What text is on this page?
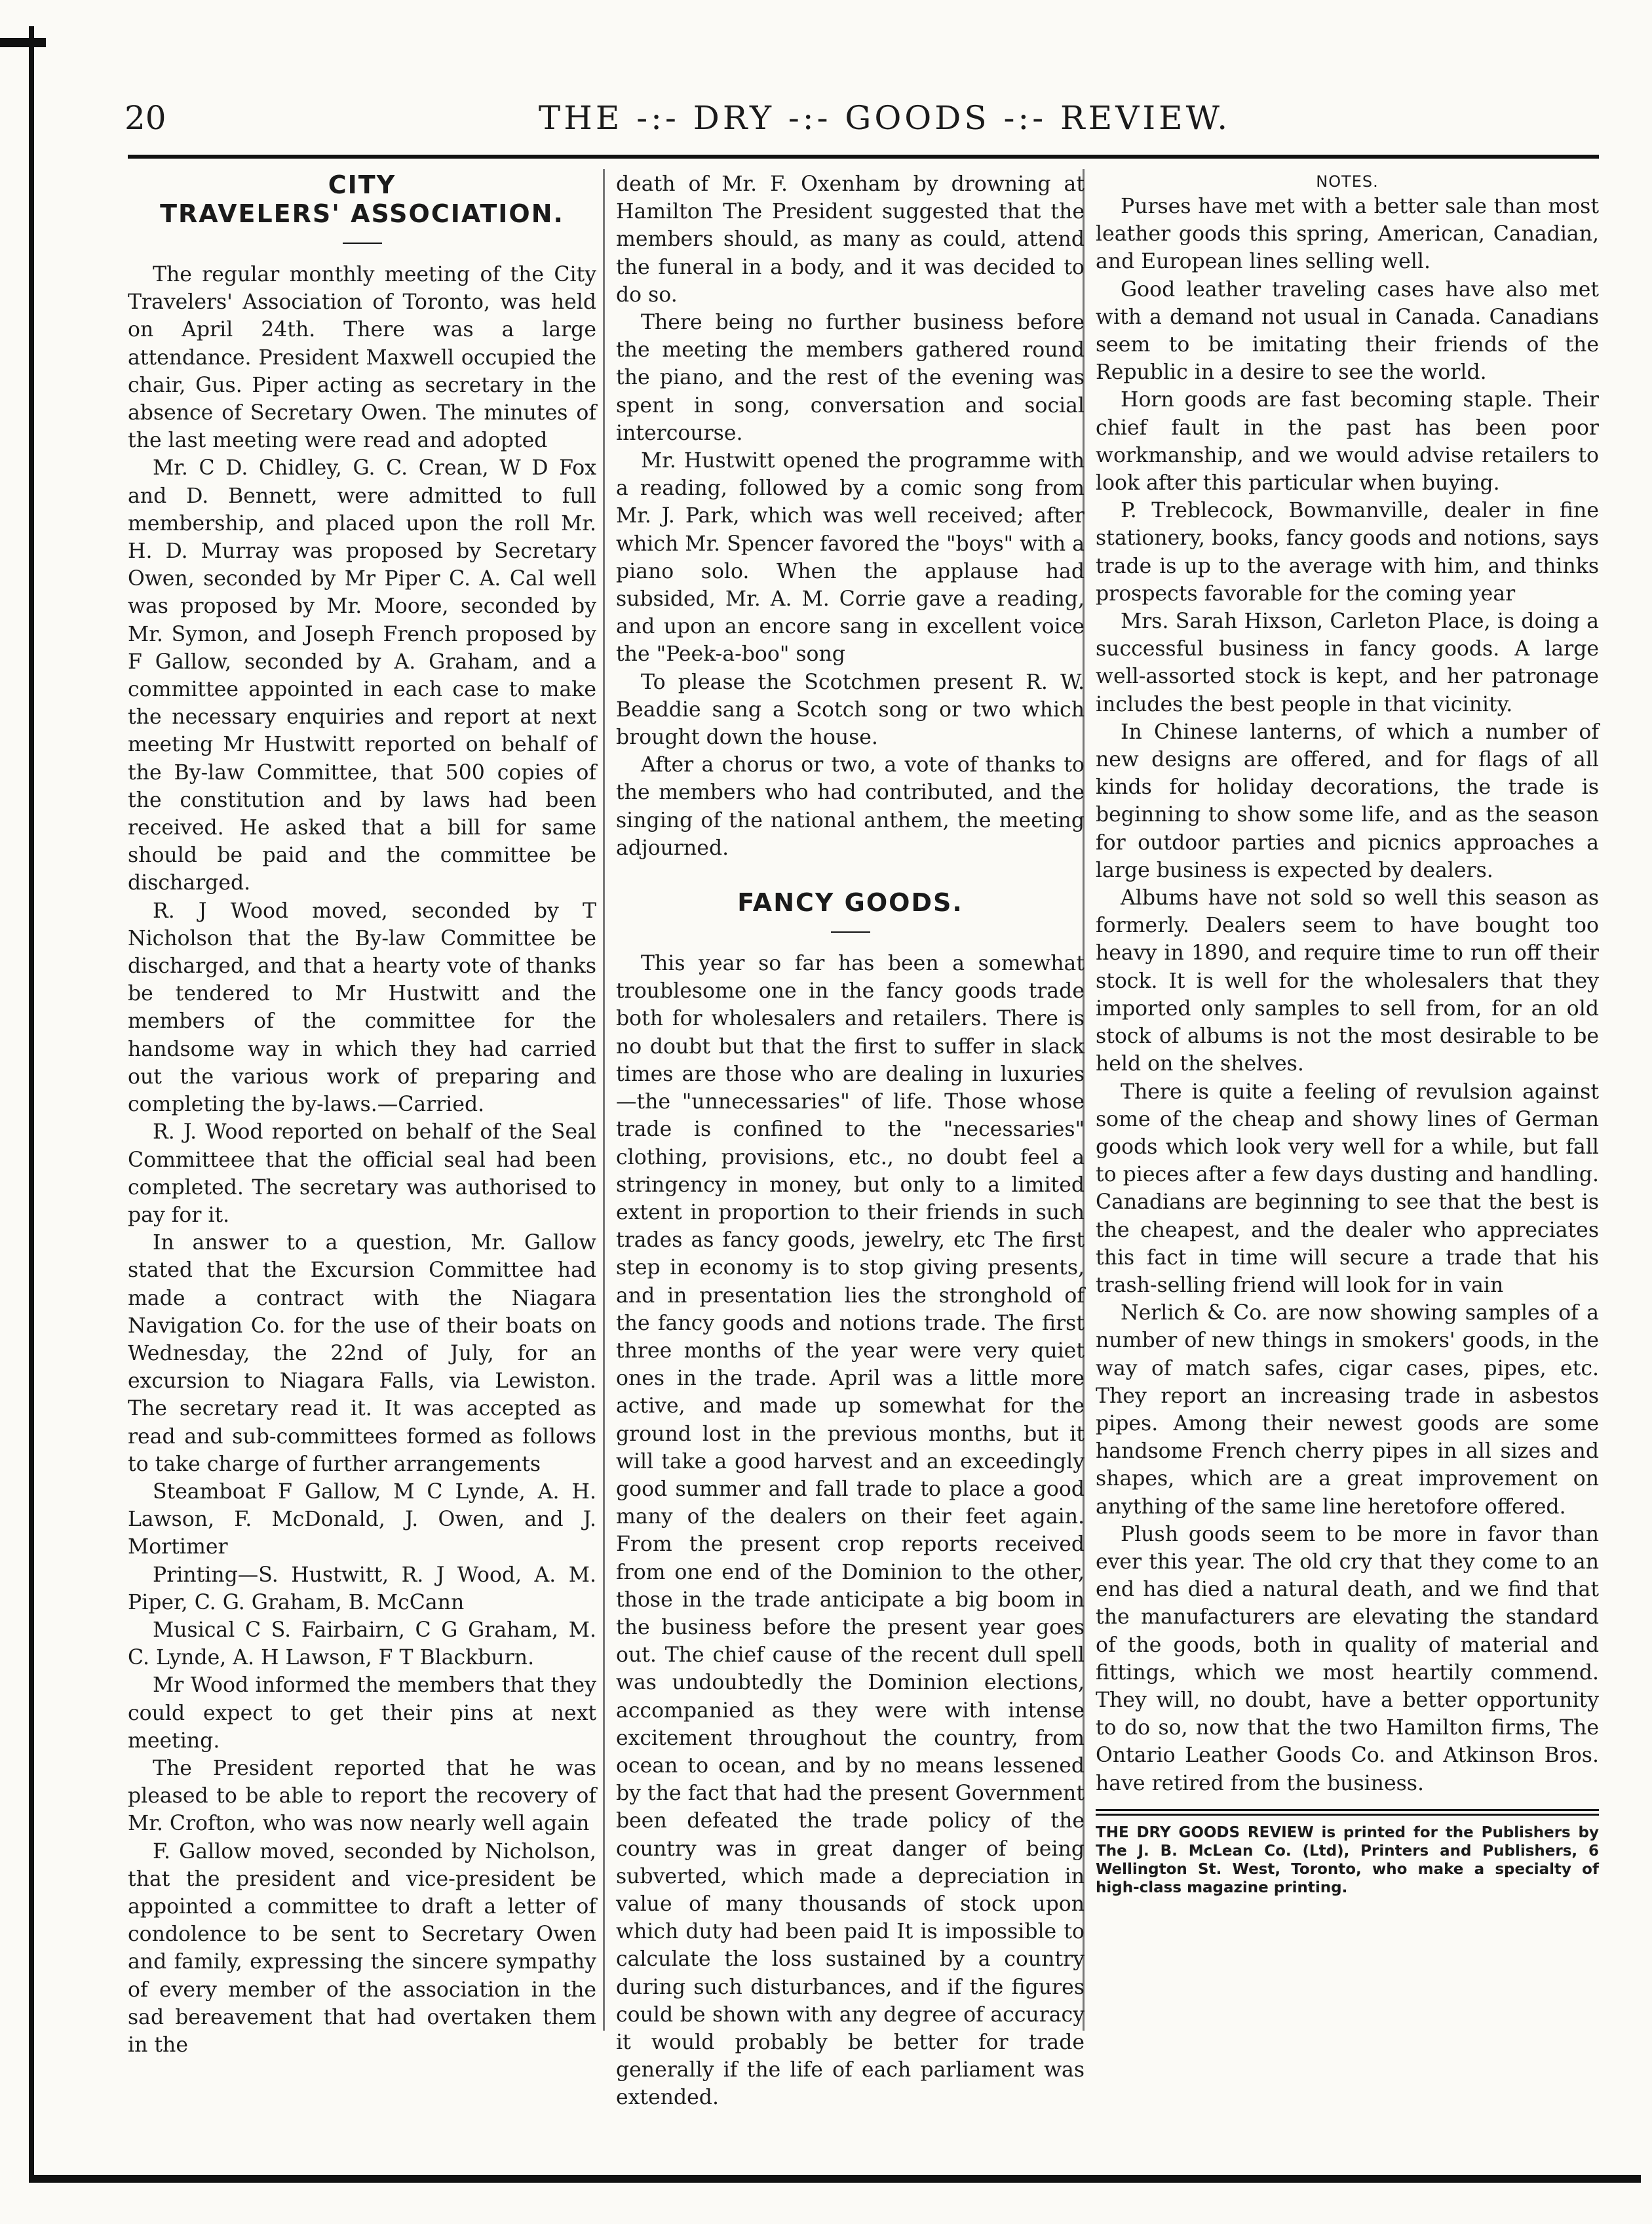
20	THE -:- DRY -:- GOODS -:- REVIEW.
CITY
TRAVELERS' ASSOCIATION.

The regular monthly meeting of the City Travelers' Association of Toronto, was held on April 24th. There was a large attendance. President Maxwell occupied the chair, Gus. Piper acting as secretary in the absence of Secretary Owen. The minutes of the last meeting were read and adopted

Mr. C D. Chidley, G. C. Crean, W D Fox and D. Bennett, were admitted to full membership, and placed upon the roll Mr. H. D. Murray was proposed by Secretary Owen, seconded by Mr Piper C. A. Cal well was proposed by Mr. Moore, seconded by Mr. Symon, and Joseph French proposed by F Gallow, seconded by A. Graham, and a committee appointed in each case to make the necessary enquiries and report at next meeting Mr Hustwitt reported on behalf of the By-law Committee, that 500 copies of the constitution and by laws had been received. He asked that a bill for same should be paid and the committee be discharged.

R. J Wood moved, seconded by T Nicholson that the By-law Committee be discharged, and that a hearty vote of thanks be tendered to Mr Hustwitt and the members of the committee for the handsome way in which they had carried out the various work of preparing and completing the by-laws.—Carried.

R. J. Wood reported on behalf of the Seal Committeee that the official seal had been completed. The secretary was authorised to pay for it.

In answer to a question, Mr. Gallow stated that the Excursion Committee had made a contract with the Niagara Navigation Co. for the use of their boats on Wednesday, the 22nd of July, for an excursion to Niagara Falls, via Lewiston. The secretary read it. It was accepted as read and sub-committees formed as follows to take charge of further arrangements

Steamboat F Gallow, M C Lynde, A. H. Lawson, F. McDonald, J. Owen, and J. Mortimer

Printing—S. Hustwitt, R. J Wood, A. M. Piper, C. G. Graham, B. McCann

Musical C S. Fairbairn, C G Graham, M. C. Lynde, A. H Lawson, F T Blackburn.

Mr Wood informed the members that they could expect to get their pins at next meeting.

The President reported that he was pleased to be able to report the recovery of Mr. Crofton, who was now nearly well again

F. Gallow moved, seconded by Nicholson, that the president and vice-president be appointed a committee to draft a letter of condolence to be sent to Secretary Owen and family, expressing the sincere sympathy of every member of the association in the sad bereavement that had overtaken them in the

death of Mr. F. Oxenham by drowning at Hamilton The President suggested that the members should, as many as could, attend the funeral in a body, and it was decided to do so.

There being no further business before the meeting the members gathered round the piano, and the rest of the evening was spent in song, conversation and social intercourse.

Mr. Hustwitt opened the programme with a reading, followed by a comic song from Mr. J. Park, which was well received; after which Mr. Spencer favored the "boys" with a piano solo. When the applause had subsided, Mr. A. M. Corrie gave a reading, and upon an encore sang in excellent voice the "Peek-a-boo" song

To please the Scotchmen present R. W. Beaddie sang a Scotch song or two which brought down the house.

After a chorus or two, a vote of thanks to the members who had contributed, and the singing of the national anthem, the meeting adjourned.

FANCY GOODS.

This year so far has been a somewhat troublesome one in the fancy goods trade both for wholesalers and retailers. There is no doubt but that the first to suffer in slack times are those who are dealing in luxuries—the "unnecessaries" of life. Those whose trade is confined to the "necessaries" clothing, provisions, etc., no doubt feel a stringency in money, but only to a limited extent in proportion to their friends in such trades as fancy goods, jewelry, etc The first step in economy is to stop giving presents, and in presentation lies the stronghold of the fancy goods and notions trade. The first three months of the year were very quiet ones in the trade. April was a little more active, and made up somewhat for the ground lost in the previous months, but it will take a good harvest and an exceedingly good summer and fall trade to place a good many of the dealers on their feet again. From the present crop reports received from one end of the Dominion to the other, those in the trade anticipate a big boom in the business before the present year goes out. The chief cause of the recent dull spell was undoubtedly the Dominion elections, accompanied as they were with intense excitement throughout the country, from ocean to ocean, and by no means lessened by the fact that had the present Government been defeated the trade policy of the country was in great danger of being subverted, which made a depreciation in value of many thousands of stock upon which duty had been paid It is impossible to calculate the loss sustained by a country during such disturbances, and if the figures could be shown with any degree of accuracy it would probably be better for trade generally if the life of each parliament was extended.

NOTES.

Purses have met with a better sale than most leather goods this spring, American, Canadian, and European lines selling well.

Good leather traveling cases have also met with a demand not usual in Canada. Canadians seem to be imitating their friends of the Republic in a desire to see the world.

Horn goods are fast becoming staple. Their chief fault in the past has been poor workmanship, and we would advise retailers to look after this particular when buying.

P. Treblecock, Bowmanville, dealer in fine stationery, books, fancy goods and notions, says trade is up to the average with him, and thinks prospects favorable for the coming year

Mrs. Sarah Hixson, Carleton Place, is doing a successful business in fancy goods. A large well-assorted stock is kept, and her patronage includes the best people in that vicinity.

In Chinese lanterns, of which a number of new designs are offered, and for flags of all kinds for holiday decorations, the trade is beginning to show some life, and as the season for outdoor parties and picnics approaches a large business is expected by dealers.

Albums have not sold so well this season as formerly. Dealers seem to have bought too heavy in 1890, and require time to run off their stock. It is well for the wholesalers that they imported only samples to sell from, for an old stock of albums is not the most desirable to be held on the shelves.

There is quite a feeling of revulsion against some of the cheap and showy lines of German goods which look very well for a while, but fall to pieces after a few days dusting and handling. Canadians are beginning to see that the best is the cheapest, and the dealer who appreciates this fact in time will secure a trade that his trash-selling friend will look for in vain

Nerlich & Co. are now showing samples of a number of new things in smokers' goods, in the way of match safes, cigar cases, pipes, etc. They report an increasing trade in asbestos pipes. Among their newest goods are some handsome French cherry pipes in all sizes and shapes, which are a great improvement on anything of the same line heretofore offered.

Plush goods seem to be more in favor than ever this year. The old cry that they come to an end has died a natural death, and we find that the manufacturers are elevating the standard of the goods, both in quality of material and fittings, which we most heartily commend. They will, no doubt, have a better opportunity to do so, now that the two Hamilton firms, The Ontario Leather Goods Co. and Atkinson Bros. have retired from the business.

THE DRY GOODS REVIEW is printed for the Publishers by The J. B. McLean Co. (Ltd), Printers and Publishers, 6 Wellington St. West, Toronto, who make a specialty of high-class magazine printing.
